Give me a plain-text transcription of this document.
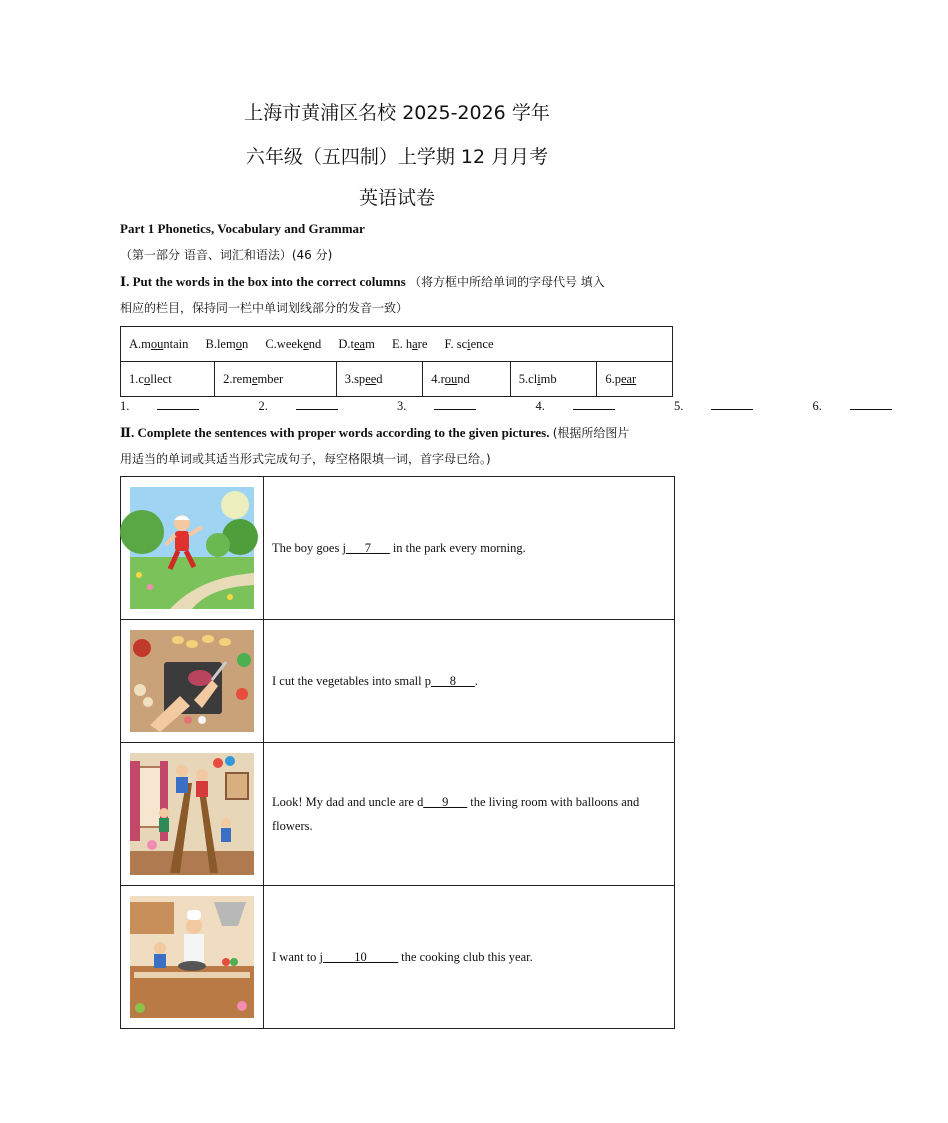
上海市黄浦区名校 2025-2026 学年
六年级（五四制）上学期 12 月月考
英语试卷
Part 1 Phonetics, Vocabulary and Grammar
（第一部分 语音、词汇和语法）(46 分)
Ⅰ. Put the words in the box into the correct columns （将方框中所给单词的字母代号 填入
相应的栏目，保持同一栏中单词划线部分的发音一致）
A.mountain B.lemon C.weekend D.team E. hare F. science
1.collect	2.remember	3.speed	4.round	5.climb	6.pear
1.	2.	3.	4.	5.	6.
Ⅱ. Complete the sentences with proper words according to the given pictures. (根据所给图片
用适当的单词或其适当形式完成句子，每空格限填一词，首字母已给。)
	The boy goes j___7___ in the park every morning.

	I cut the vegetables into small p___8___.

	Look! My dad and uncle are d___9___ the living room with balloons and flowers.

	I want to j_____10_____ the cooking club this year.
